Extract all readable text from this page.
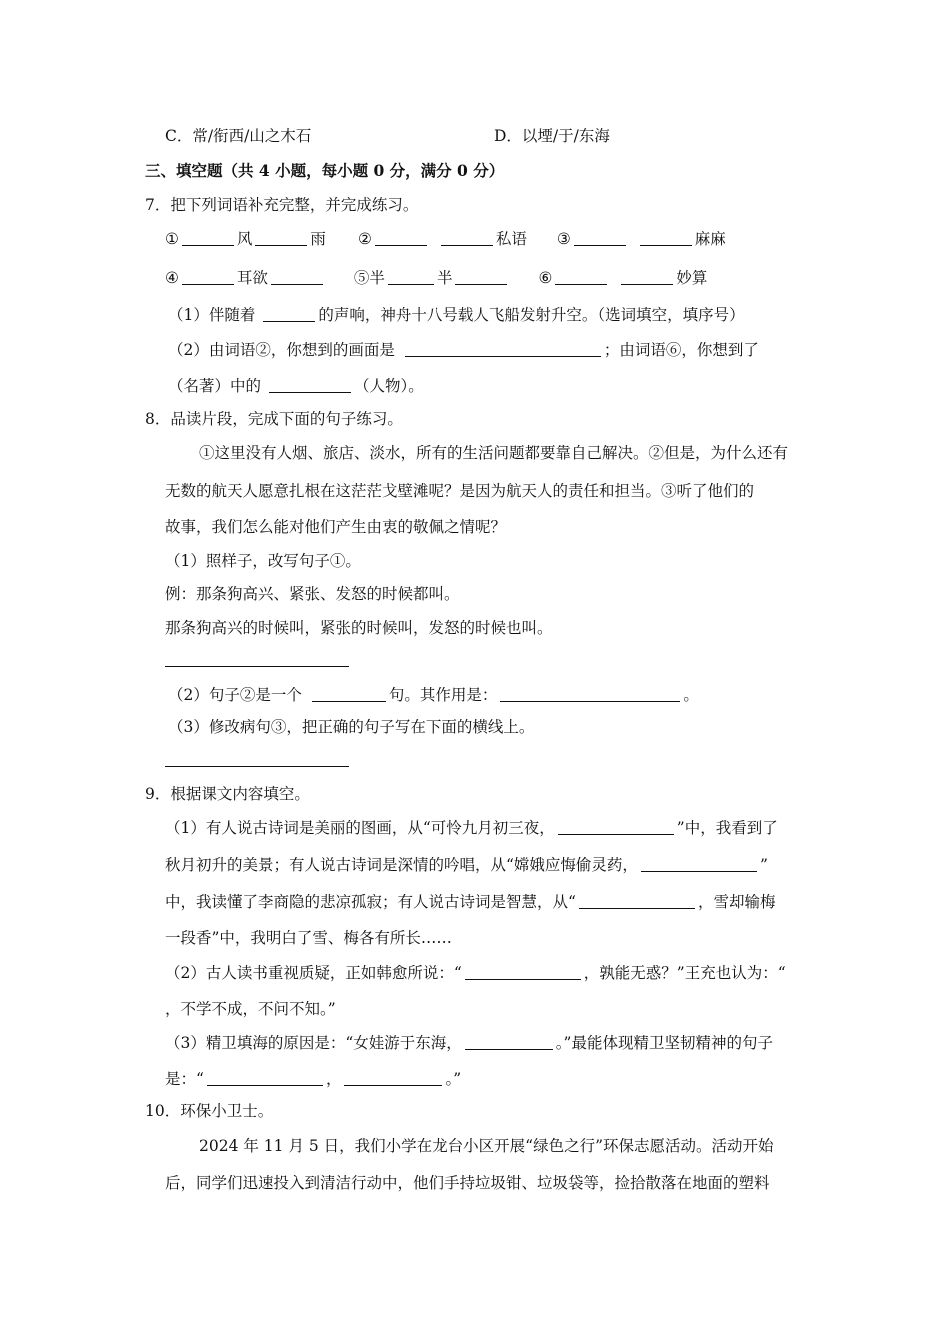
C．常/衔西/山之木石	D．以堙/于/东海
三、填空题（共 4 小题，每小题 0 分，满分 0 分）
7．把下列词语补充完整，并完成练习。
①	风	雨 ②	私语 ③	麻麻
④	耳欲	⑤半	半	⑥	妙算
（1）伴随着	的声响，神舟十八号载人飞船发射升空。（选词填空，填序号）
（2）由词语②，你想到的画面是	；由词语⑥，你想到了
（名著）中的	（人物）。
8．品读片段，完成下面的句子练习。
①这里没有人烟、旅店、淡水，所有的生活问题都要靠自己解决。②但是，为什么还有
无数的航天人愿意扎根在这茫茫戈壁滩呢？是因为航天人的责任和担当。③听了他们的
故事，我们怎么能对他们产生由衷的敬佩之情呢？
（1）照样子，改写句子①。
例：那条狗高兴、紧张、发怒的时候都叫。
那条狗高兴的时候叫，紧张的时候叫，发怒的时候也叫。
（2）句子②是一个	句。其作用是：	。
（3）修改病句③，把正确的句子写在下面的横线上。
9．根据课文内容填空。
（1）有人说古诗词是美丽的图画，从“可怜九月初三夜，	”中，我看到了
秋月初升的美景；有人说古诗词是深情的吟唱，从“嫦娥应悔偷灵药，	”
中，我读懂了李商隐的悲凉孤寂；有人说古诗词是智慧，从“	，雪却输梅
一段香”中，我明白了雪、梅各有所长……
（2）古人读书重视质疑，正如韩愈所说：“	，孰能无惑？”王充也认为：“
，不学不成，不问不知。”
（3）精卫填海的原因是：“女娃游于东海，	。”最能体现精卫坚韧精神的句子
是：“	，	。”
10．环保小卫士。
2024 年 11 月 5 日，我们小学在龙台小区开展“绿色之行”环保志愿活动。活动开始
后，同学们迅速投入到清洁行动中，他们手持垃圾钳、垃圾袋等，捡拾散落在地面的塑料
